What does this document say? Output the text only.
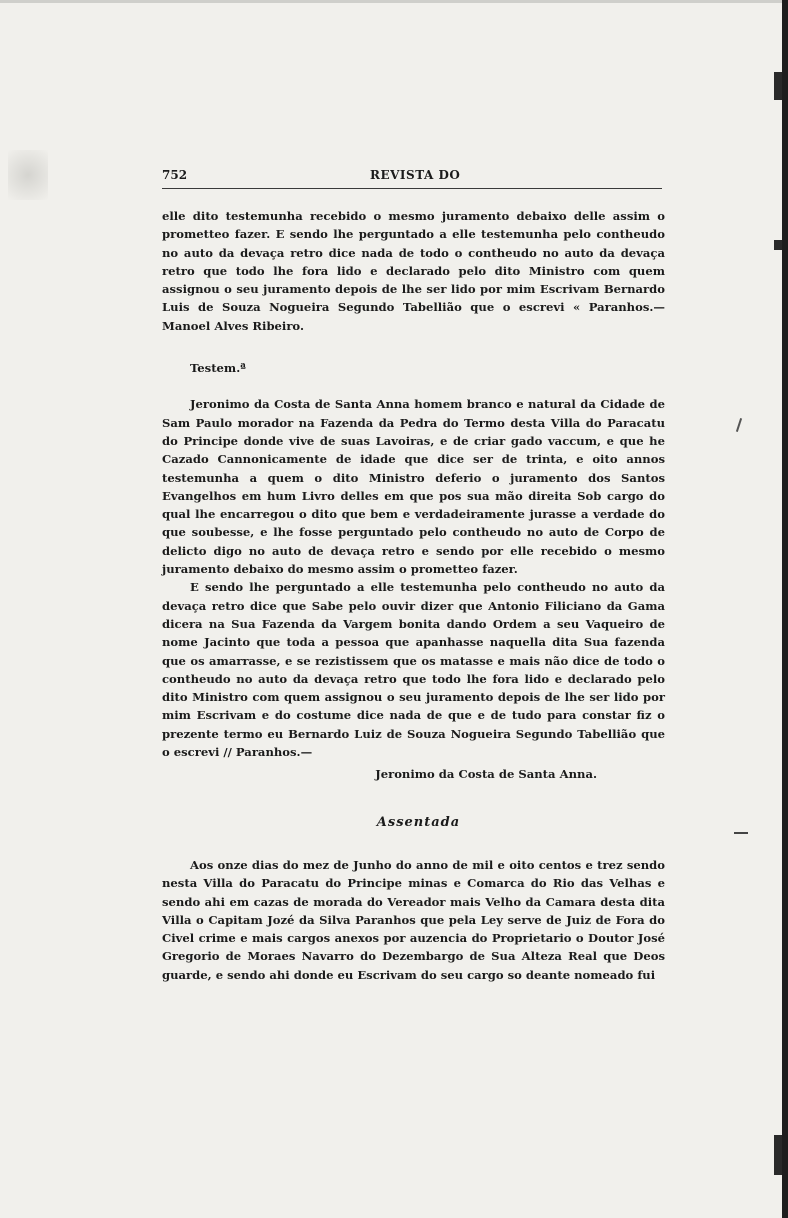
752	REVISTA DO

elle dito testemunha recebido o mesmo juramento debaixo delle assim o prometteo fazer. E sendo lhe perguntado a elle testemunha pelo contheudo no auto da devaça retro dice nada de todo o contheudo no auto da devaça retro que todo lhe fora lido e declarado pelo dito Ministro com quem assignou o seu juramento depois de lhe ser lido por mim Escrivam Bernardo Luis de Souza Nogueira Segundo Tabellião que o escrevi « Paranhos.—Manoel Alves Ribeiro.

Testem.ª

Jeronimo da Costa de Santa Anna homem branco e natural da Cidade de Sam Paulo morador na Fazenda da Pedra do Termo desta Villa do Paracatu do Principe donde vive de suas Lavoiras, e de criar gado vaccum, e que he Cazado Cannonicamente de idade que dice ser de trinta, e oito annos testemunha a quem o dito Ministro deferio o juramento dos Santos Evangelhos em hum Livro delles em que pos sua mão direita Sob cargo do qual lhe encarregou o dito que bem e verdadeiramente jurasse a verdade do que soubesse, e lhe fosse perguntado pelo contheudo no auto de Corpo de delicto digo no auto de devaça retro e sendo por elle recebido o mesmo juramento debaixo do mesmo assim o prometteo fazer.

E sendo lhe perguntado a elle testemunha pelo contheudo no auto da devaça retro dice que Sabe pelo ouvir dizer que Antonio Filiciano da Gama dicera na Sua Fazenda da Vargem bonita dando Ordem a seu Vaqueiro de nome Jacinto que toda a pessoa que apanhasse naquella dita Sua fazenda que os amarrasse, e se rezistissem que os matasse e mais não dice de todo o contheudo no auto da devaça retro que todo lhe fora lido e declarado pelo dito Ministro com quem assignou o seu juramento depois de lhe ser lido por mim Escrivam e do costume dice nada de que e de tudo para constar fiz o prezente termo eu Bernardo Luiz de Souza Nogueira Segundo Tabellião que o escrevi // Paranhos.—

Jeronimo da Costa de Santa Anna.

Assentada

Aos onze dias do mez de Junho do anno de mil e oito centos e trez sendo nesta Villa do Paracatu do Principe minas e Comarca do Rio das Velhas e sendo ahi em cazas de morada do Vereador mais Velho da Camara desta dita Villa o Capitam Jozé da Silva Paranhos que pela Ley serve de Juiz de Fora do Civel crime e mais cargos anexos por auzencia do Proprietario o Doutor José Gregorio de Moraes Navarro do Dezembargo de Sua Alteza Real que Deos guarde, e sendo ahi donde eu Escrivam do seu cargo so deante nomeado fui
